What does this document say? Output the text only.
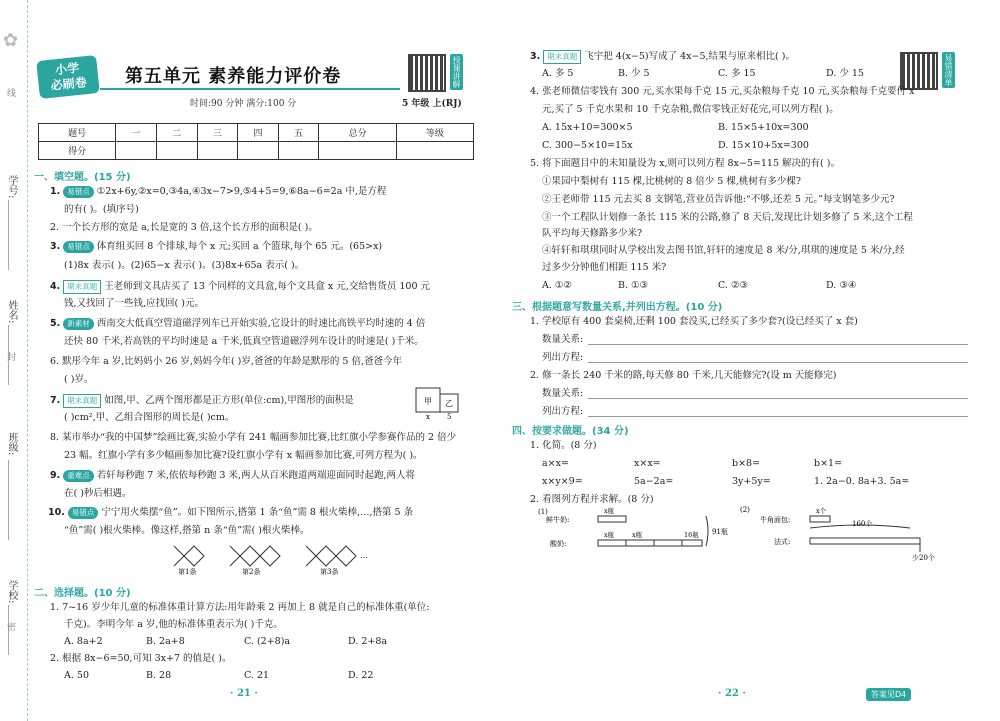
✿
线
学号:
姓名:
封
班级:
学校:
密
小学
必刷卷	第五单元 素养能力评价卷	授课讲解
时间:90 分钟 满分:100 分	5 年级 上(RJ)
题号	一	二	三	四	五	总分	等级
得分							
一、填空题。(15 分)
1. 易错点 ①2x+6y,②x=0,③4a,④3x−7>9,⑤4+5=9,⑥8a−6=2a 中,是方程
的有( )。(填序号)
2. 一个长方形的宽是 a,长是宽的 3 倍,这个长方形的面积是( )。
3. 易错点 体育组买回 8 个排球,每个 x 元;买回 a 个篮球,每个 65 元。(65>x)
(1)8x 表示( )。(2)65−x 表示( )。(3)8x+65a 表示( )。
4. 期末真题 王老师到文具店买了 13 个同样的文具盒,每个文具盒 x 元,交给售货员 100 元
钱,又找回了一些钱,应找回( )元。
5. 新素材 西南交大低真空管道磁浮列车已开始实验,它设计的时速比高铁平均时速的 4 倍
还快 80 千米,若高铁的平均时速是 a 千米,低真空管道磁浮列车设计的时速是( )千米。
6. 默彤今年 a 岁,比妈妈小 26 岁,妈妈今年( )岁,爸爸的年龄是默彤的 5 倍,爸爸今年
( )岁。
7. 期末真题 如图,甲、乙两个图形都是正方形(单位:cm),甲图形的面积是
( )cm²,甲、乙组合图形的周长是( )cm。
甲 乙
x 5
8. 某市举办“我的中国梦”绘画比赛,实验小学有 241 幅画参加比赛,比红旗小学参赛作品的 2 倍少
23 幅。红旗小学有多少幅画参加比赛?设红旗小学有 x 幅画参加比赛,可列方程为( )。
9. 重难点 若轩每秒跑 7 米,依依每秒跑 3 米,两人从百米跑道两端迎面同时起跑,两人将
在( )秒后相遇。
10. 易错点 宁宁用火柴摆“鱼”。如下图所示,搭第 1 条“鱼”需 8 根火柴棒,…,搭第 5 条
“鱼”需( )根火柴棒。像这样,搭第 n 条“鱼”需( )根火柴棒。
第1条	第2条	第3条
…
二、选择题。(10 分)
1. 7~16 岁少年儿童的标准体重计算方法:用年龄乘 2 再加上 8 就是自己的标准体重(单位:
千克)。李明今年 a 岁,他的标准体重表示为( )千克。
A. 8a+2	B. 2a+8	C. (2+8)a	D. 2+8a
2. 根据 8x−6=50,可知 3x+7 的值是( )。
A. 50	B. 28	C. 21	D. 22
· 21 ·
易错清单
3. 期末真题 飞宇把 4(x−5)写成了 4x−5,结果与原来相比( )。
A. 多 5	B. 少 5	C. 多 15	D. 少 15
4. 张老师微信零钱有 300 元,买水果每千克 15 元,买杂粮每千克 10 元,买杂粮每千克要付 x
元,买了 5 千克水果和 10 千克杂粮,微信零钱正好花完,可以列方程( )。
A. 15x+10=300×5	B. 15×5+10x=300
C. 300−5×10=15x	D. 15×10+5x=300
5. 将下面题目中的未知量设为 x,则可以列方程 8x−5=115 解决的有( )。
①果园中梨树有 115 棵,比桃树的 8 倍少 5 棵,桃树有多少棵?
②王老师带 115 元去买 8 支钢笔,营业员告诉他:“不够,还差 5 元。”每支钢笔多少元?
③一个工程队计划修一条长 115 米的公路,修了 8 天后,发现比计划多修了 5 米,这个工程
队平均每天修路多少米?
④轩轩和琪琪同时从学校出发去图书馆,轩轩的速度是 8 米/分,琪琪的速度是 5 米/分,经
过多少分钟他们相距 115 米?
A. ①②	B. ①③	C. ②③	D. ③④
三、根据题意写数量关系,并列出方程。(10 分)
1. 学校原有 400 套桌椅,还剩 100 套没买,已经买了多少套?(设已经买了 x 套)
数量关系:
列出方程:
2. 修一条长 240 千米的路,每天修 80 千米,几天能修完?(设 m 天能修完)
数量关系:
列出方程:
四、按要求做题。(34 分)
1. 化简。(8 分)
a×x=	x×x=	b×8=	b×1=
x×y×9=	5a−2a=	3y+5y=	1. 2a−0. 8a+3. 5a=
2. 看图列方程并求解。(8 分)
(1)
鲜牛奶:
酸奶:
x瓶
x瓶	x瓶	16瓶 91瓶
(2)
牛角面包:
x个
160个
法式:
少20个
· 22 ·	答案见D4
